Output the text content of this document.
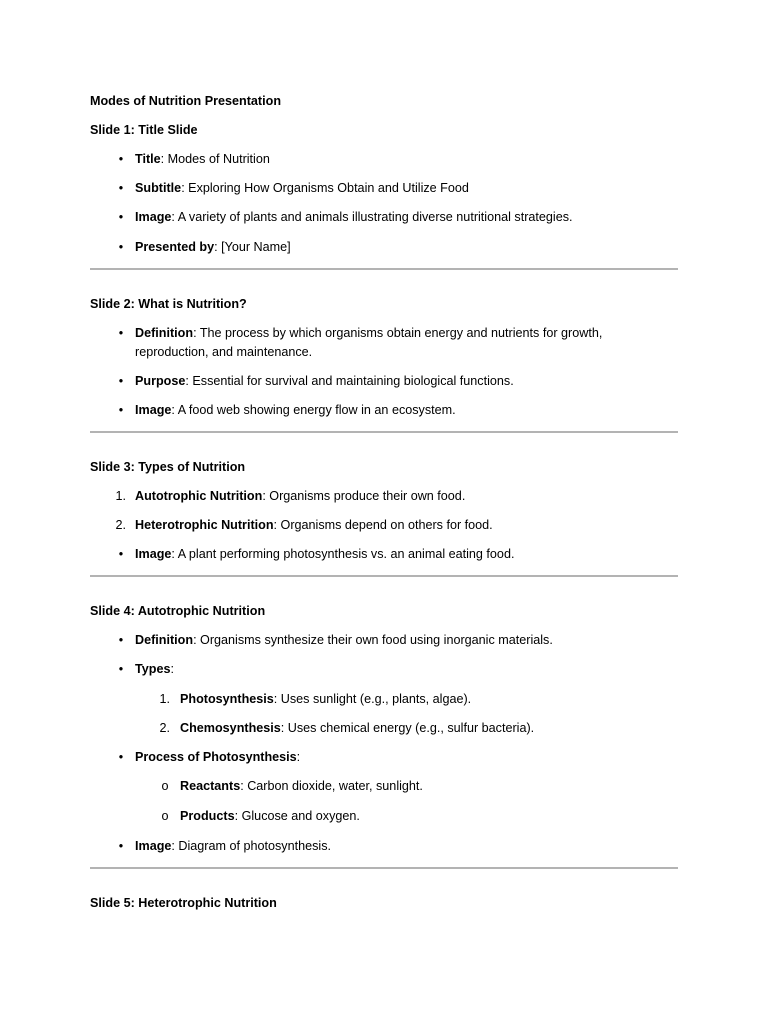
Modes of Nutrition Presentation

Slide 1: Title Slide

• Title: Modes of Nutrition
• Subtitle: Exploring How Organisms Obtain and Utilize Food
• Image: A variety of plants and animals illustrating diverse nutritional strategies.
• Presented by: [Your Name]

Slide 2: What is Nutrition?

• Definition: The process by which organisms obtain energy and nutrients for growth, reproduction, and maintenance.
• Purpose: Essential for survival and maintaining biological functions.
• Image: A food web showing energy flow in an ecosystem.

Slide 3: Types of Nutrition

1. Autotrophic Nutrition: Organisms produce their own food.
2. Heterotrophic Nutrition: Organisms depend on others for food.
• Image: A plant performing photosynthesis vs. an animal eating food.

Slide 4: Autotrophic Nutrition

• Definition: Organisms synthesize their own food using inorganic materials.
• Types:
1. Photosynthesis: Uses sunlight (e.g., plants, algae).
2. Chemosynthesis: Uses chemical energy (e.g., sulfur bacteria).
• Process of Photosynthesis:
o Reactants: Carbon dioxide, water, sunlight.
o Products: Glucose and oxygen.
• Image: Diagram of photosynthesis.

Slide 5: Heterotrophic Nutrition
